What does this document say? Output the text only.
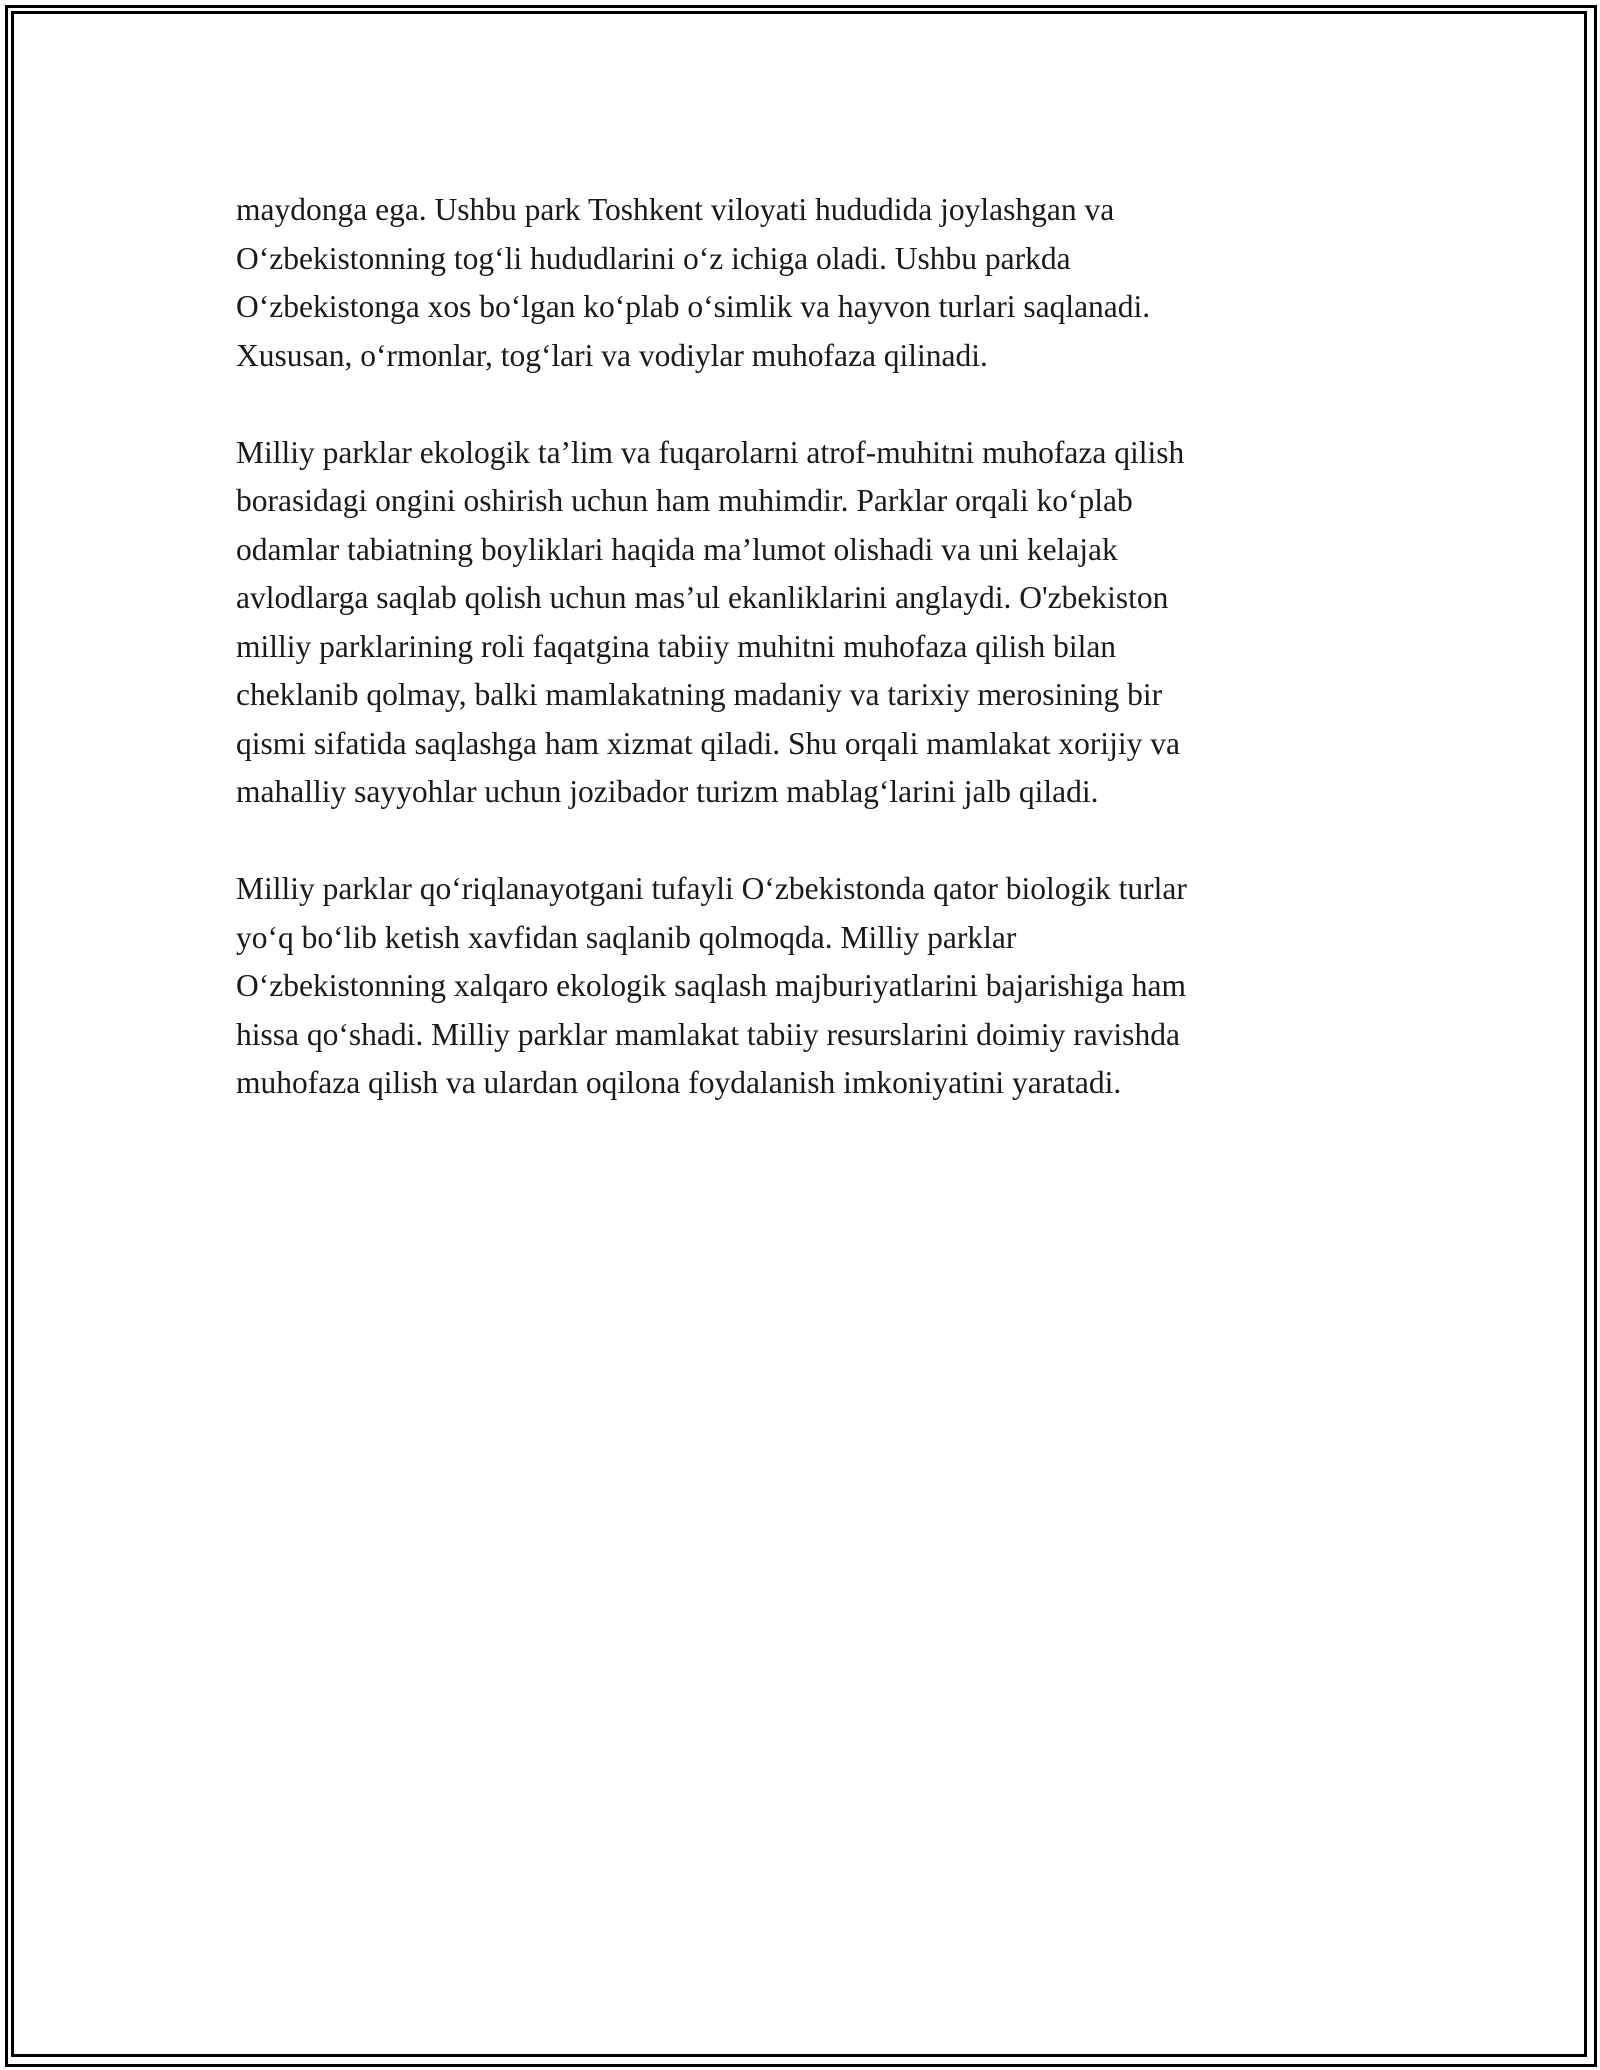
maydonga ega. Ushbu park Toshkent viloyati hududida joylashgan va
O‘zbekistonning tog‘li hududlarini o‘z ichiga oladi. Ushbu parkda
O‘zbekistonga xos bo‘lgan ko‘plab o‘simlik va hayvon turlari saqlanadi.
Xususan, o‘rmonlar, tog‘lari va vodiylar muhofaza qilinadi.

Milliy parklar ekologik ta’lim va fuqarolarni atrof-muhitni muhofaza qilish
borasidagi ongini oshirish uchun ham muhimdir. Parklar orqali ko‘plab
odamlar tabiatning boyliklari haqida ma’lumot olishadi va uni kelajak
avlodlarga saqlab qolish uchun mas’ul ekanliklarini anglaydi. O'zbekiston
milliy parklarining roli faqatgina tabiiy muhitni muhofaza qilish bilan
cheklanib qolmay, balki mamlakatning madaniy va tarixiy merosining bir
qismi sifatida saqlashga ham xizmat qiladi. Shu orqali mamlakat xorijiy va
mahalliy sayyohlar uchun jozibador turizm mablag‘larini jalb qiladi.

Milliy parklar qo‘riqlanayotgani tufayli O‘zbekistonda qator biologik turlar
yo‘q bo‘lib ketish xavfidan saqlanib qolmoqda. Milliy parklar
O‘zbekistonning xalqaro ekologik saqlash majburiyatlarini bajarishiga ham
hissa qo‘shadi. Milliy parklar mamlakat tabiiy resurslarini doimiy ravishda
muhofaza qilish va ulardan oqilona foydalanish imkoniyatini yaratadi.
